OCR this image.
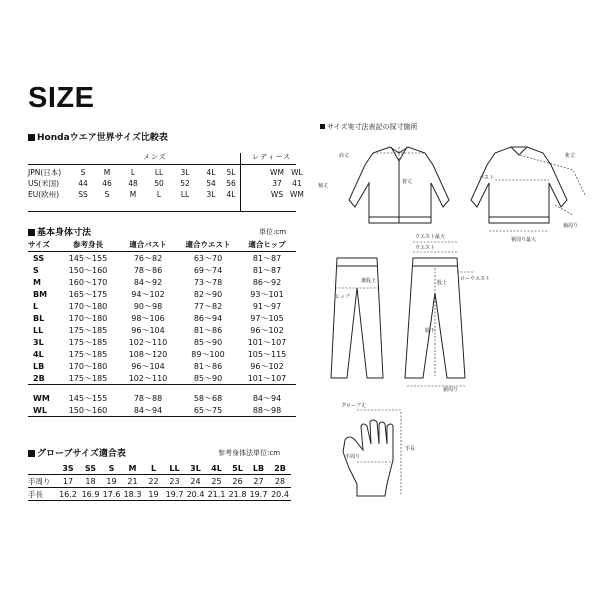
SIZE
Hondaウエア世界サイズ比較表
メンズ	レディース
JPN(日本)	S	M	L	LL	3L	4L	5L		WM	WL
US(米国)	44	46	48	50	52	54	56		37	41
EU(欧州)	SS	S	M	L	LL	3L	4L		WS	WM
基本身体寸法	単位:cm
サイズ	参考身長	適合バスト	適合ウエスト	適合ヒップ
SS	145～155	76～82	63～70	81～87
S	150～160	78～86	69～74	81～87
M	160～170	84～92	73～78	86～92
BM	165～175	94～102	82～90	93～101
L	170～180	90～98	77～82	91～97
BL	170～180	98～106	86～94	97～105
LL	175～185	96～104	81～86	96～102
3L	175～185	102～110	85～90	101～107
4L	175～185	108～120	89～100	105～115
LB	170～180	96～104	81～86	96～102
2B	175～185	102～110	85～90	101～107

WM	145～155	78～88	58～68	84～94
WL	150～160	84～94	65～75	88～98

グローブサイズ適合表	参考身体法単位:cm
	3S	SS	S	M	L	LL	3L	4L	5L	LB	2B
手周り	17	18	19	21	22	23	24	25	26	27	28
手長	16.2	16.9	17.6	18.3	19	19.7	20.4	21.1	21.8	19.7	20.4
サイズ実寸法表記の採寸箇所
肩丈
着丈
袖丈
バスト
裄丈
袖周り
裾周り最大
ウエスト最大
ウエスト
ローウエスト
ヒップ
後股上	股上
股下
裾周り
グローブ丈
手長
手周り
